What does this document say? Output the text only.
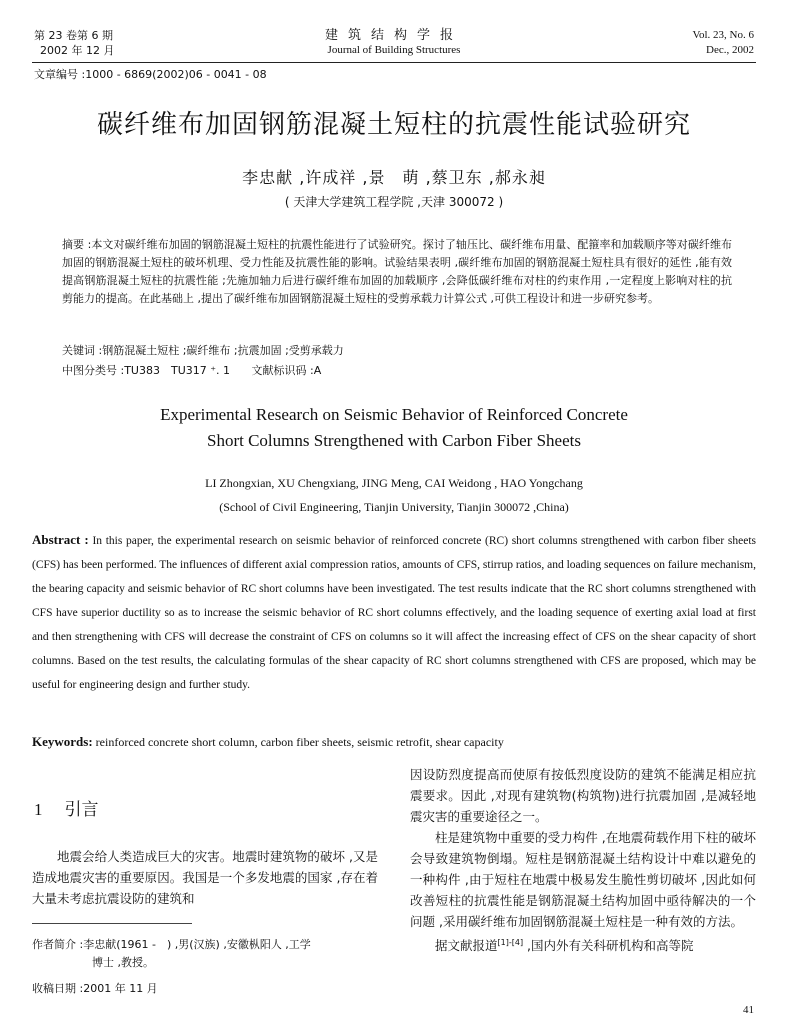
第 23 卷第 6 期
2002 年 12 月
建筑结构学报
Journal of Building Structures
Vol. 23, No. 6
Dec., 2002
文章编号 :1000 - 6869(2002)06 - 0041 - 08
碳纤维布加固钢筋混凝土短柱的抗震性能试验研究
李忠献 ,许成祥 ,景　萌 ,蔡卫东 ,郝永昶
( 天津大学建筑工程学院 ,天津 300072 )
摘要 :本文对碳纤维布加固的钢筋混凝土短柱的抗震性能进行了试验研究。探讨了轴压比、碳纤维布用量、配箍率和加载顺序等对碳纤维布加固的钢筋混凝土短柱的破坏机理、受力性能及抗震性能的影响。试验结果表明 ,碳纤维布加固的钢筋混凝土短柱具有很好的延性 ,能有效提高钢筋混凝土短柱的抗震性能 ;先施加轴力后进行碳纤维布加固的加载顺序 ,会降低碳纤维布对柱的约束作用 ,一定程度上影响对柱的抗剪能力的提高。在此基础上 ,提出了碳纤维布加固钢筋混凝土短柱的受剪承载力计算公式 ,可供工程设计和进一步研究参考。
关键词 :钢筋混凝土短柱 ;碳纤维布 ;抗震加固 ;受剪承载力
中图分类号 :TU383　TU317 ⁺. 1 文献标识码 :A
Experimental Research on Seismic Behavior of Reinforced Concrete
Short Columns Strengthened with Carbon Fiber Sheets
LI Zhongxian, XU Chengxiang, JING Meng, CAI Weidong , HAO Yongchang
(School of Civil Engineering, Tianjin University, Tianjin 300072 ,China)
Abstract : In this paper, the experimental research on seismic behavior of reinforced concrete (RC) short columns strengthened with carbon fiber sheets (CFS) has been performed. The influences of different axial compression ratios, amounts of CFS, stirrup ratios, and loading sequences on failure mechanism, the bearing capacity and seismic behavior of RC short columns have been investigated. The test results indicate that the RC short columns strengthened with CFS have superior ductility so as to increase the seismic behavior of RC short columns effectively, and the loading sequence of exerting axial load at first and then strengthening with CFS will decrease the constraint of CFS on columns so it will affect the increasing effect of CFS on the shear capacity of short columns. Based on the test results, the calculating formulas of the shear capacity of RC short columns strengthened with CFS are proposed, which may be useful for engineering design and further study.
Keywords: reinforced concrete short column, carbon fiber sheets, seismic retrofit, shear capacity
1 引言
地震会给人类造成巨大的灾害。地震时建筑物的破坏 ,又是造成地震灾害的重要原因。我国是一个多发地震的国家 ,存在着大量未考虑抗震设防的建筑和
作者简介 :李忠献(1961 -　) ,男(汉族) ,安徽枞阳人 ,工学
博士 ,教授。
收稿日期 :2001 年 11 月

因设防烈度提高而使原有按低烈度设防的建筑不能满足相应抗震要求。因此 ,对现有建筑物(构筑物)进行抗震加固 ,是减轻地震灾害的重要途径之一。

柱是建筑物中重要的受力构件 ,在地震荷载作用下柱的破坏会导致建筑物倒塌。短柱是钢筋混凝土结构设计中难以避免的一种构件 ,由于短柱在地震中极易发生脆性剪切破坏 ,因此如何改善短柱的抗震性能是钢筋混凝土结构加固中亟待解决的一个问题 ,采用碳纤维布加固钢筋混凝土短柱是一种有效的方法。

据文献报道[1]-[4] ,国内外有关科研机构和高等院

41
